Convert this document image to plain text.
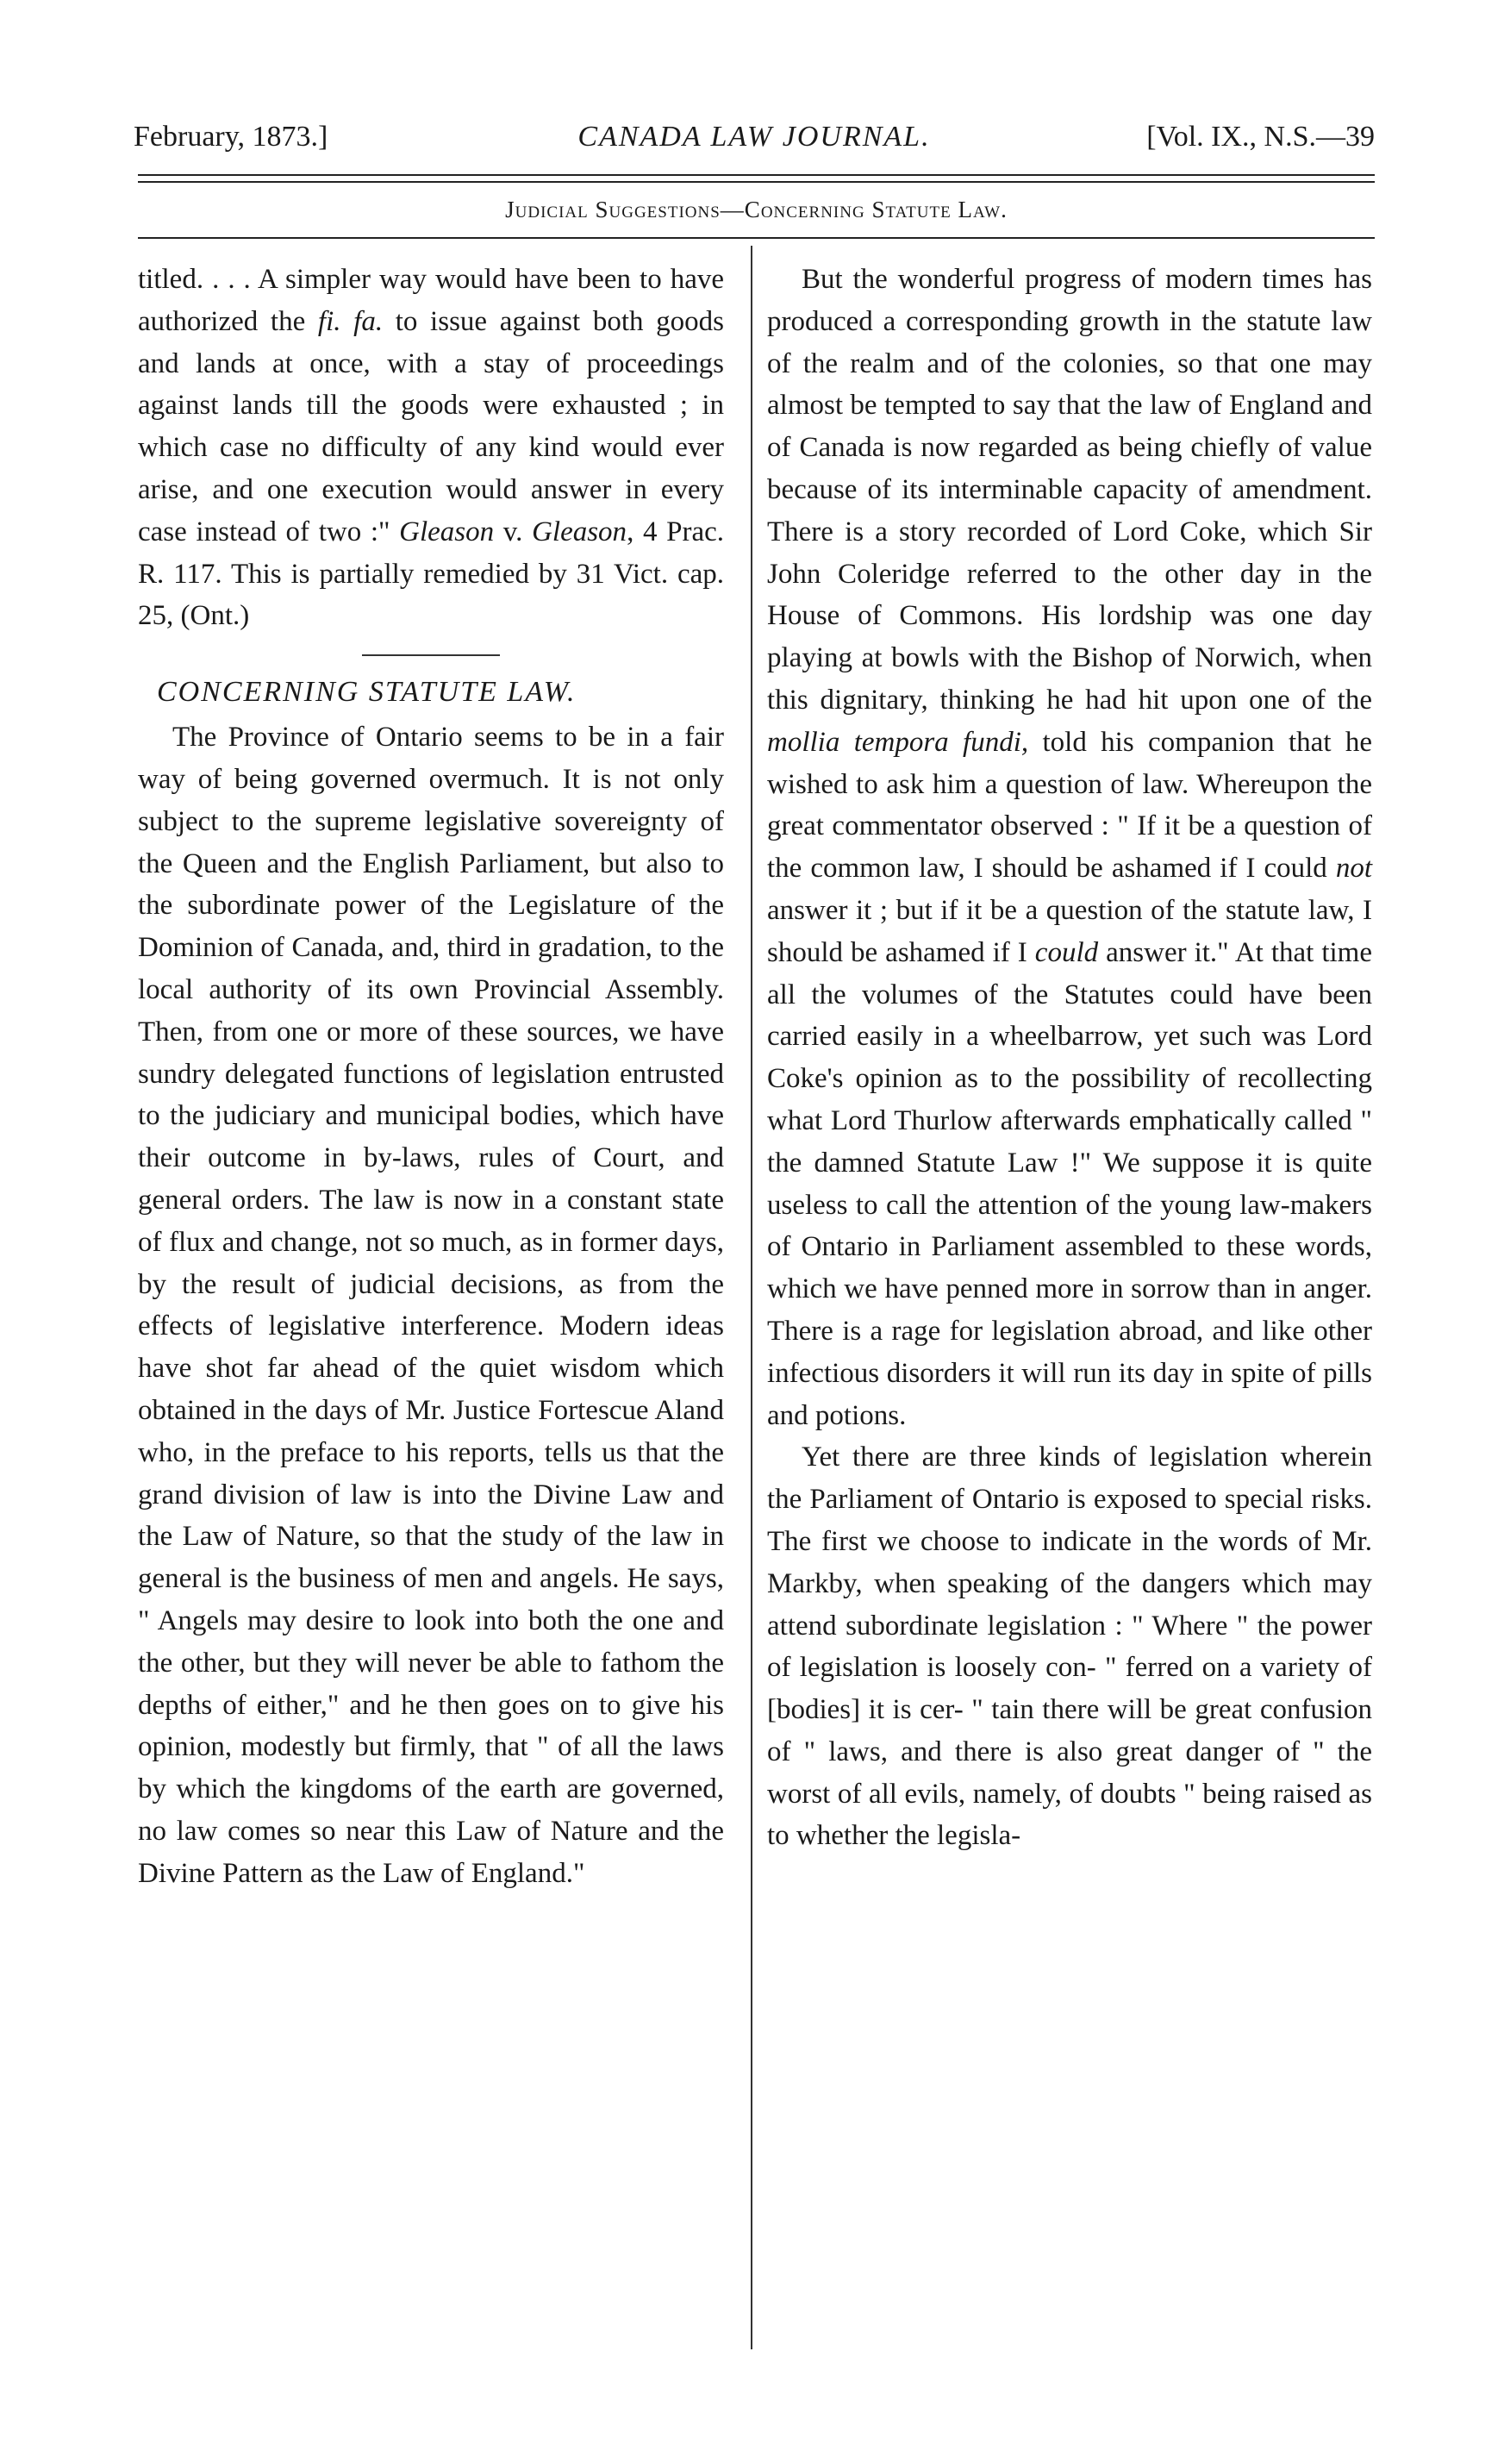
February, 1873.]	CANADA LAW JOURNAL.	[Vol. IX., N.S.—39
Judicial Suggestions—Concerning Statute Law.

titled. . . . A simpler way would have been to have authorized the fi. fa. to issue against both goods and lands at once, with a stay of proceedings against lands till the goods were exhausted ; in which case no difficulty of any kind would ever arise, and one execution would answer in every case instead of two :" Gleason v. Gleason, 4 Prac. R. 117. This is partially remedied by 31 Vict. cap. 25, (Ont.)

CONCERNING STATUTE LAW.

The Province of Ontario seems to be in a fair way of being governed overmuch. It is not only subject to the supreme legislative sovereignty of the Queen and the English Parliament, but also to the subordinate power of the Legislature of the Dominion of Canada, and, third in gradation, to the local authority of its own Provincial Assembly. Then, from one or more of these sources, we have sundry delegated functions of legislation entrusted to the judiciary and municipal bodies, which have their outcome in by-laws, rules of Court, and general orders. The law is now in a constant state of flux and change, not so much, as in former days, by the result of judicial decisions, as from the effects of legislative interference. Modern ideas have shot far ahead of the quiet wisdom which obtained in the days of Mr. Justice Fortescue Aland who, in the preface to his reports, tells us that the grand division of law is into the Divine Law and the Law of Nature, so that the study of the law in general is the business of men and angels. He says, " Angels may desire to look into both the one and the other, but they will never be able to fathom the depths of either," and he then goes on to give his opinion, modestly but firmly, that " of all the laws by which the kingdoms of the earth are governed, no law comes so near this Law of Nature and the Divine Pattern as the Law of England."

But the wonderful progress of modern times has produced a corresponding growth in the statute law of the realm and of the colonies, so that one may almost be tempted to say that the law of England and of Canada is now regarded as being chiefly of value because of its interminable capacity of amendment. There is a story recorded of Lord Coke, which Sir John Coleridge referred to the other day in the House of Commons. His lordship was one day playing at bowls with the Bishop of Norwich, when this dignitary, thinking he had hit upon one of the mollia tempora fundi, told his companion that he wished to ask him a question of law. Whereupon the great commentator observed : " If it be a question of the common law, I should be ashamed if I could not answer it ; but if it be a question of the statute law, I should be ashamed if I could answer it." At that time all the volumes of the Statutes could have been carried easily in a wheelbarrow, yet such was Lord Coke's opinion as to the possibility of recollecting what Lord Thurlow afterwards emphatically called " the damned Statute Law !" We suppose it is quite useless to call the attention of the young law-makers of Ontario in Parliament assembled to these words, which we have penned more in sorrow than in anger. There is a rage for legislation abroad, and like other infectious disorders it will run its day in spite of pills and potions.

Yet there are three kinds of legislation wherein the Parliament of Ontario is exposed to special risks. The first we choose to indicate in the words of Mr. Markby, when speaking of the dangers which may attend subordinate legislation : " Where " the power of legislation is loosely con- " ferred on a variety of [bodies] it is cer- " tain there will be great confusion of " laws, and there is also great danger of " the worst of all evils, namely, of doubts " being raised as to whether the legisla-
